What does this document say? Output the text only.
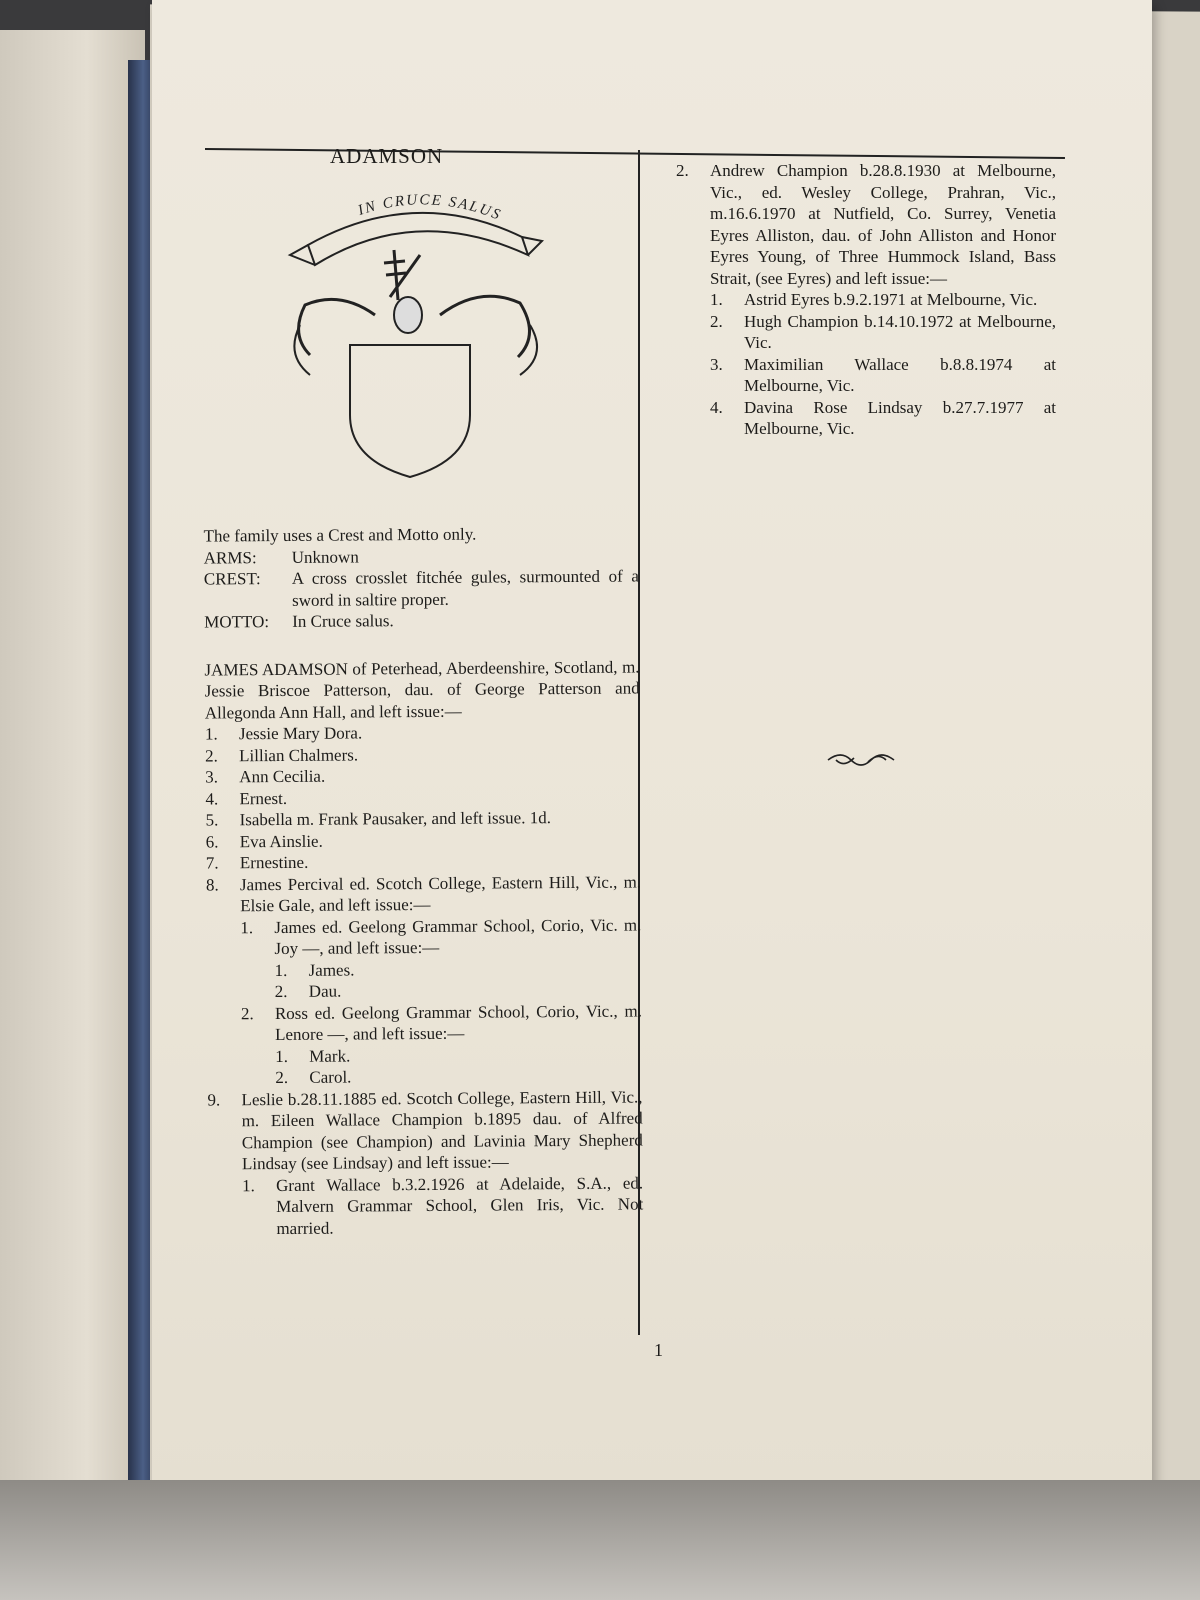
ADAMSON
IN CRUCE SALUS

The family uses a Crest and Motto only.

ARMS:	Unknown
CREST:	A cross crosslet fitchée gules, surmounted of a sword in saltire proper.
MOTTO:	In Cruce salus.

JAMES ADAMSON of Peterhead, Aberdeenshire, Scotland, m. Jessie Briscoe Patterson, dau. of George Patterson and Allegonda Ann Hall, and left issue:—

1.	Jessie Mary Dora.
2.	Lillian Chalmers.
3.	Ann Cecilia.
4.	Ernest.
5.	Isabella m. Frank Pausaker, and left issue. 1d.
6.	Eva Ainslie.
7.	Ernestine.
8.	James Percival ed. Scotch College, Eastern Hill, Vic., m. Elsie Gale, and left issue:—
1.	James ed. Geelong Grammar School, Corio, Vic. m. Joy —, and left issue:—
1.	James.
2.	Dau.
2.	Ross ed. Geelong Grammar School, Corio, Vic., m. Lenore —, and left issue:—
1.	Mark.
2.	Carol.
9.	Leslie b.28.11.1885 ed. Scotch College, Eastern Hill, Vic., m. Eileen Wallace Champion b.1895 dau. of Alfred Champion (see Champion) and Lavinia Mary Shepherd Lindsay (see Lindsay) and left issue:—
1.	Grant Wallace b.3.2.1926 at Adelaide, S.A., ed. Malvern Grammar School, Glen Iris, Vic. Not married.
2.	Andrew Champion b.28.8.1930 at Melbourne, Vic., ed. Wesley College, Prahran, Vic., m.16.6.1970 at Nutfield, Co. Surrey, Venetia Eyres Alliston, dau. of John Alliston and Honor Eyres Young, of Three Hummock Island, Bass Strait, (see Eyres) and left issue:—
1.	Astrid Eyres b.9.2.1971 at Melbourne, Vic.
2.	Hugh Champion b.14.10.1972 at Melbourne, Vic.
3.	Maximilian Wallace b.8.8.1974 at Melbourne, Vic.
4.	Davina Rose Lindsay b.27.7.1977 at Melbourne, Vic.
1
